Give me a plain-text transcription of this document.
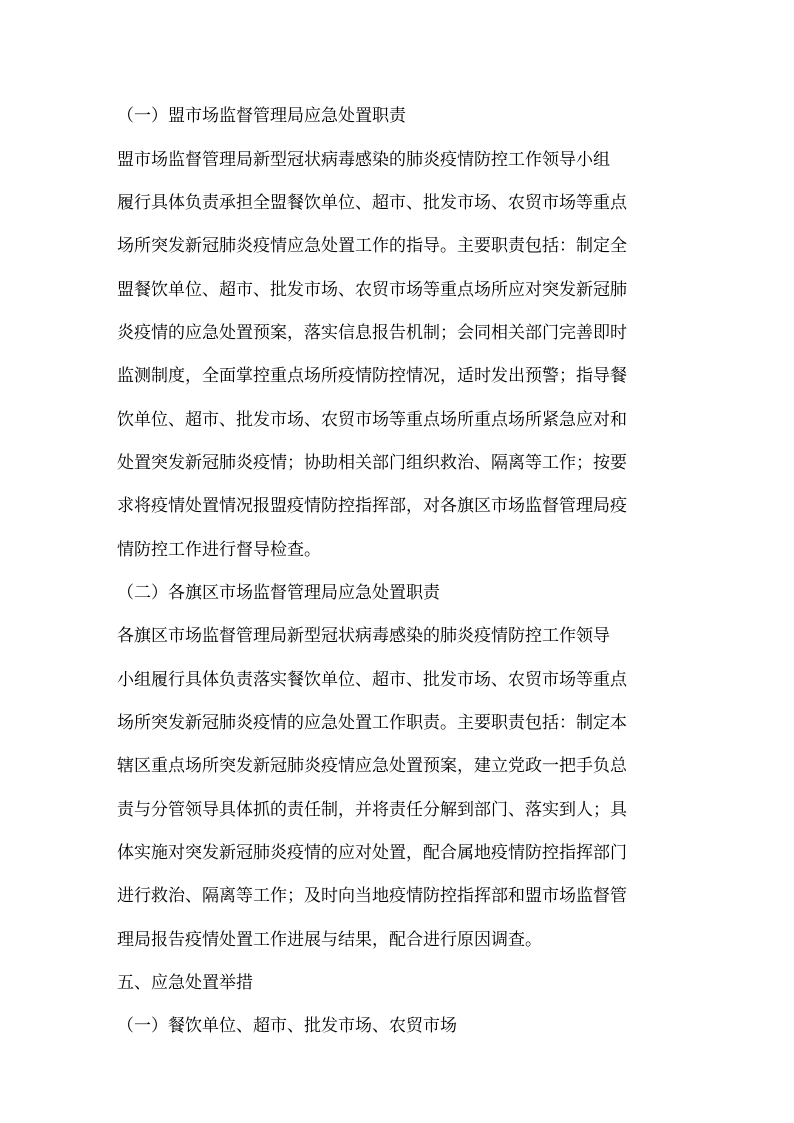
（一）盟市场监督管理局应急处置职责
盟市场监督管理局新型冠状病毒感染的肺炎疫情防控工作领导小组
履行具体负责承担全盟餐饮单位、超市、批发市场、农贸市场等重点
场所突发新冠肺炎疫情应急处置工作的指导。主要职责包括：制定全
盟餐饮单位、超市、批发市场、农贸市场等重点场所应对突发新冠肺
炎疫情的应急处置预案，落实信息报告机制；会同相关部门完善即时
监测制度，全面掌控重点场所疫情防控情况，适时发出预警；指导餐
饮单位、超市、批发市场、农贸市场等重点场所重点场所紧急应对和
处置突发新冠肺炎疫情；协助相关部门组织救治、隔离等工作；按要
求将疫情处置情况报盟疫情防控指挥部，对各旗区市场监督管理局疫
情防控工作进行督导检查。
（二）各旗区市场监督管理局应急处置职责
各旗区市场监督管理局新型冠状病毒感染的肺炎疫情防控工作领导
小组履行具体负责落实餐饮单位、超市、批发市场、农贸市场等重点
场所突发新冠肺炎疫情的应急处置工作职责。主要职责包括：制定本
辖区重点场所突发新冠肺炎疫情应急处置预案，建立党政一把手负总
责与分管领导具体抓的责任制，并将责任分解到部门、落实到人；具
体实施对突发新冠肺炎疫情的应对处置，配合属地疫情防控指挥部门
进行救治、隔离等工作；及时向当地疫情防控指挥部和盟市场监督管
理局报告疫情处置工作进展与结果，配合进行原因调查。
五、应急处置举措
（一）餐饮单位、超市、批发市场、农贸市场
